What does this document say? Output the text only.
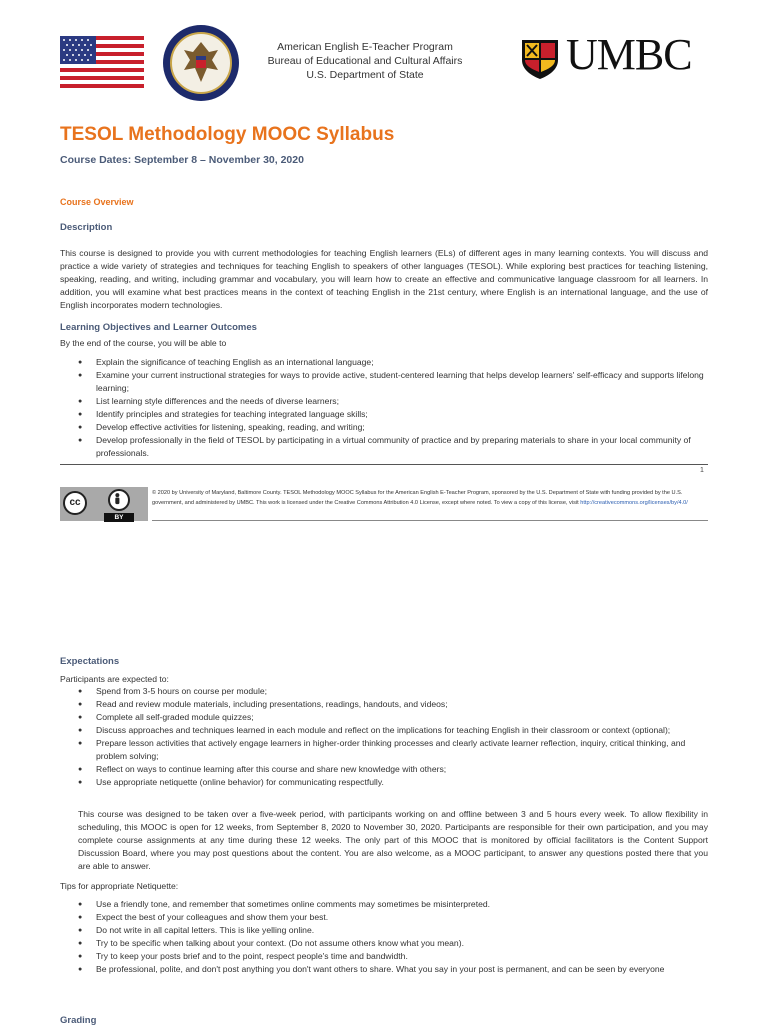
American English E-Teacher Program
Bureau of Educational and Cultural Affairs
U.S. Department of State	UMBC
TESOL Methodology MOOC Syllabus
Course Dates: September 8 – November 30, 2020
Course Overview
Description

This course is designed to provide you with current methodologies for teaching English learners (ELs) of different ages in many learning contexts. You will discuss and practice a wide variety of strategies and techniques for teaching English to speakers of other languages (TESOL). While exploring best practices for teaching listening, speaking, reading, and writing, including grammar and vocabulary, you will learn how to create an effective and communicative language classroom for all learners. In addition, you will examine what best practices means in the context of teaching English in the 21st century, where English is an international language, and the use of English incorporates modern technologies.

Learning Objectives and Learner Outcomes
By the end of the course, you will be able to
● Explain the significance of teaching English as an international language;
● Examine your current instructional strategies for ways to provide active, student-centered learning that helps develop learners' self-efficacy and supports lifelong learning;
● List learning style differences and the needs of diverse learners;
● Identify principles and strategies for teaching integrated language skills;
● Develop effective activities for listening, speaking, reading, and writing;
● Develop professionally in the field of TESOL by participating in a virtual community of practice and by preparing materials to share in your local community of professionals.
1
cc
BY
© 2020 by University of Maryland, Baltimore County. TESOL Methodology MOOC Syllabus for the American English E-Teacher Program, sponsored by the U.S. Department of State with funding provided by the U.S. government, and administered by UMBC. This work is licensed under the Creative Commons Attribution 4.0 License, except where noted. To view a copy of this license, visit http://creativecommons.org/licenses/by/4.0/
Expectations
Participants are expected to:
● Spend from 3-5 hours on course per module;
● Read and review module materials, including presentations, readings, handouts, and videos;
● Complete all self-graded module quizzes;
● Discuss approaches and techniques learned in each module and reflect on the implications for teaching English in their classroom or context (optional);
● Prepare lesson activities that actively engage learners in higher-order thinking processes and clearly activate learner reflection, inquiry, critical thinking, and problem solving;
● Reflect on ways to continue learning after this course and share new knowledge with others;
● Use appropriate netiquette (online behavior) for communicating respectfully.

This course was designed to be taken over a five-week period, with participants working on and offline between 3 and 5 hours every week. To allow flexibility in scheduling, this MOOC is open for 12 weeks, from September 8, 2020 to November 30, 2020. Participants are responsible for their own participation, and you may complete course assignments at any time during these 12 weeks. The only part of this MOOC that is monitored by official facilitators is the Content Support Discussion Board, where you may post questions about the content. You are also welcome, as a MOOC participant, to answer any questions posted there that you are able to answer.

Tips for appropriate Netiquette:
● Use a friendly tone, and remember that sometimes online comments may sometimes be misinterpreted.
● Expect the best of your colleagues and show them your best.
● Do not write in all capital letters. This is like yelling online.
● Try to be specific when talking about your context. (Do not assume others know what you mean).
● Try to keep your posts brief and to the point, respect people's time and bandwidth.
● Be professional, polite, and don't post anything you don't want others to share. What you say in your post is permanent, and can be seen by everyone
Grading
